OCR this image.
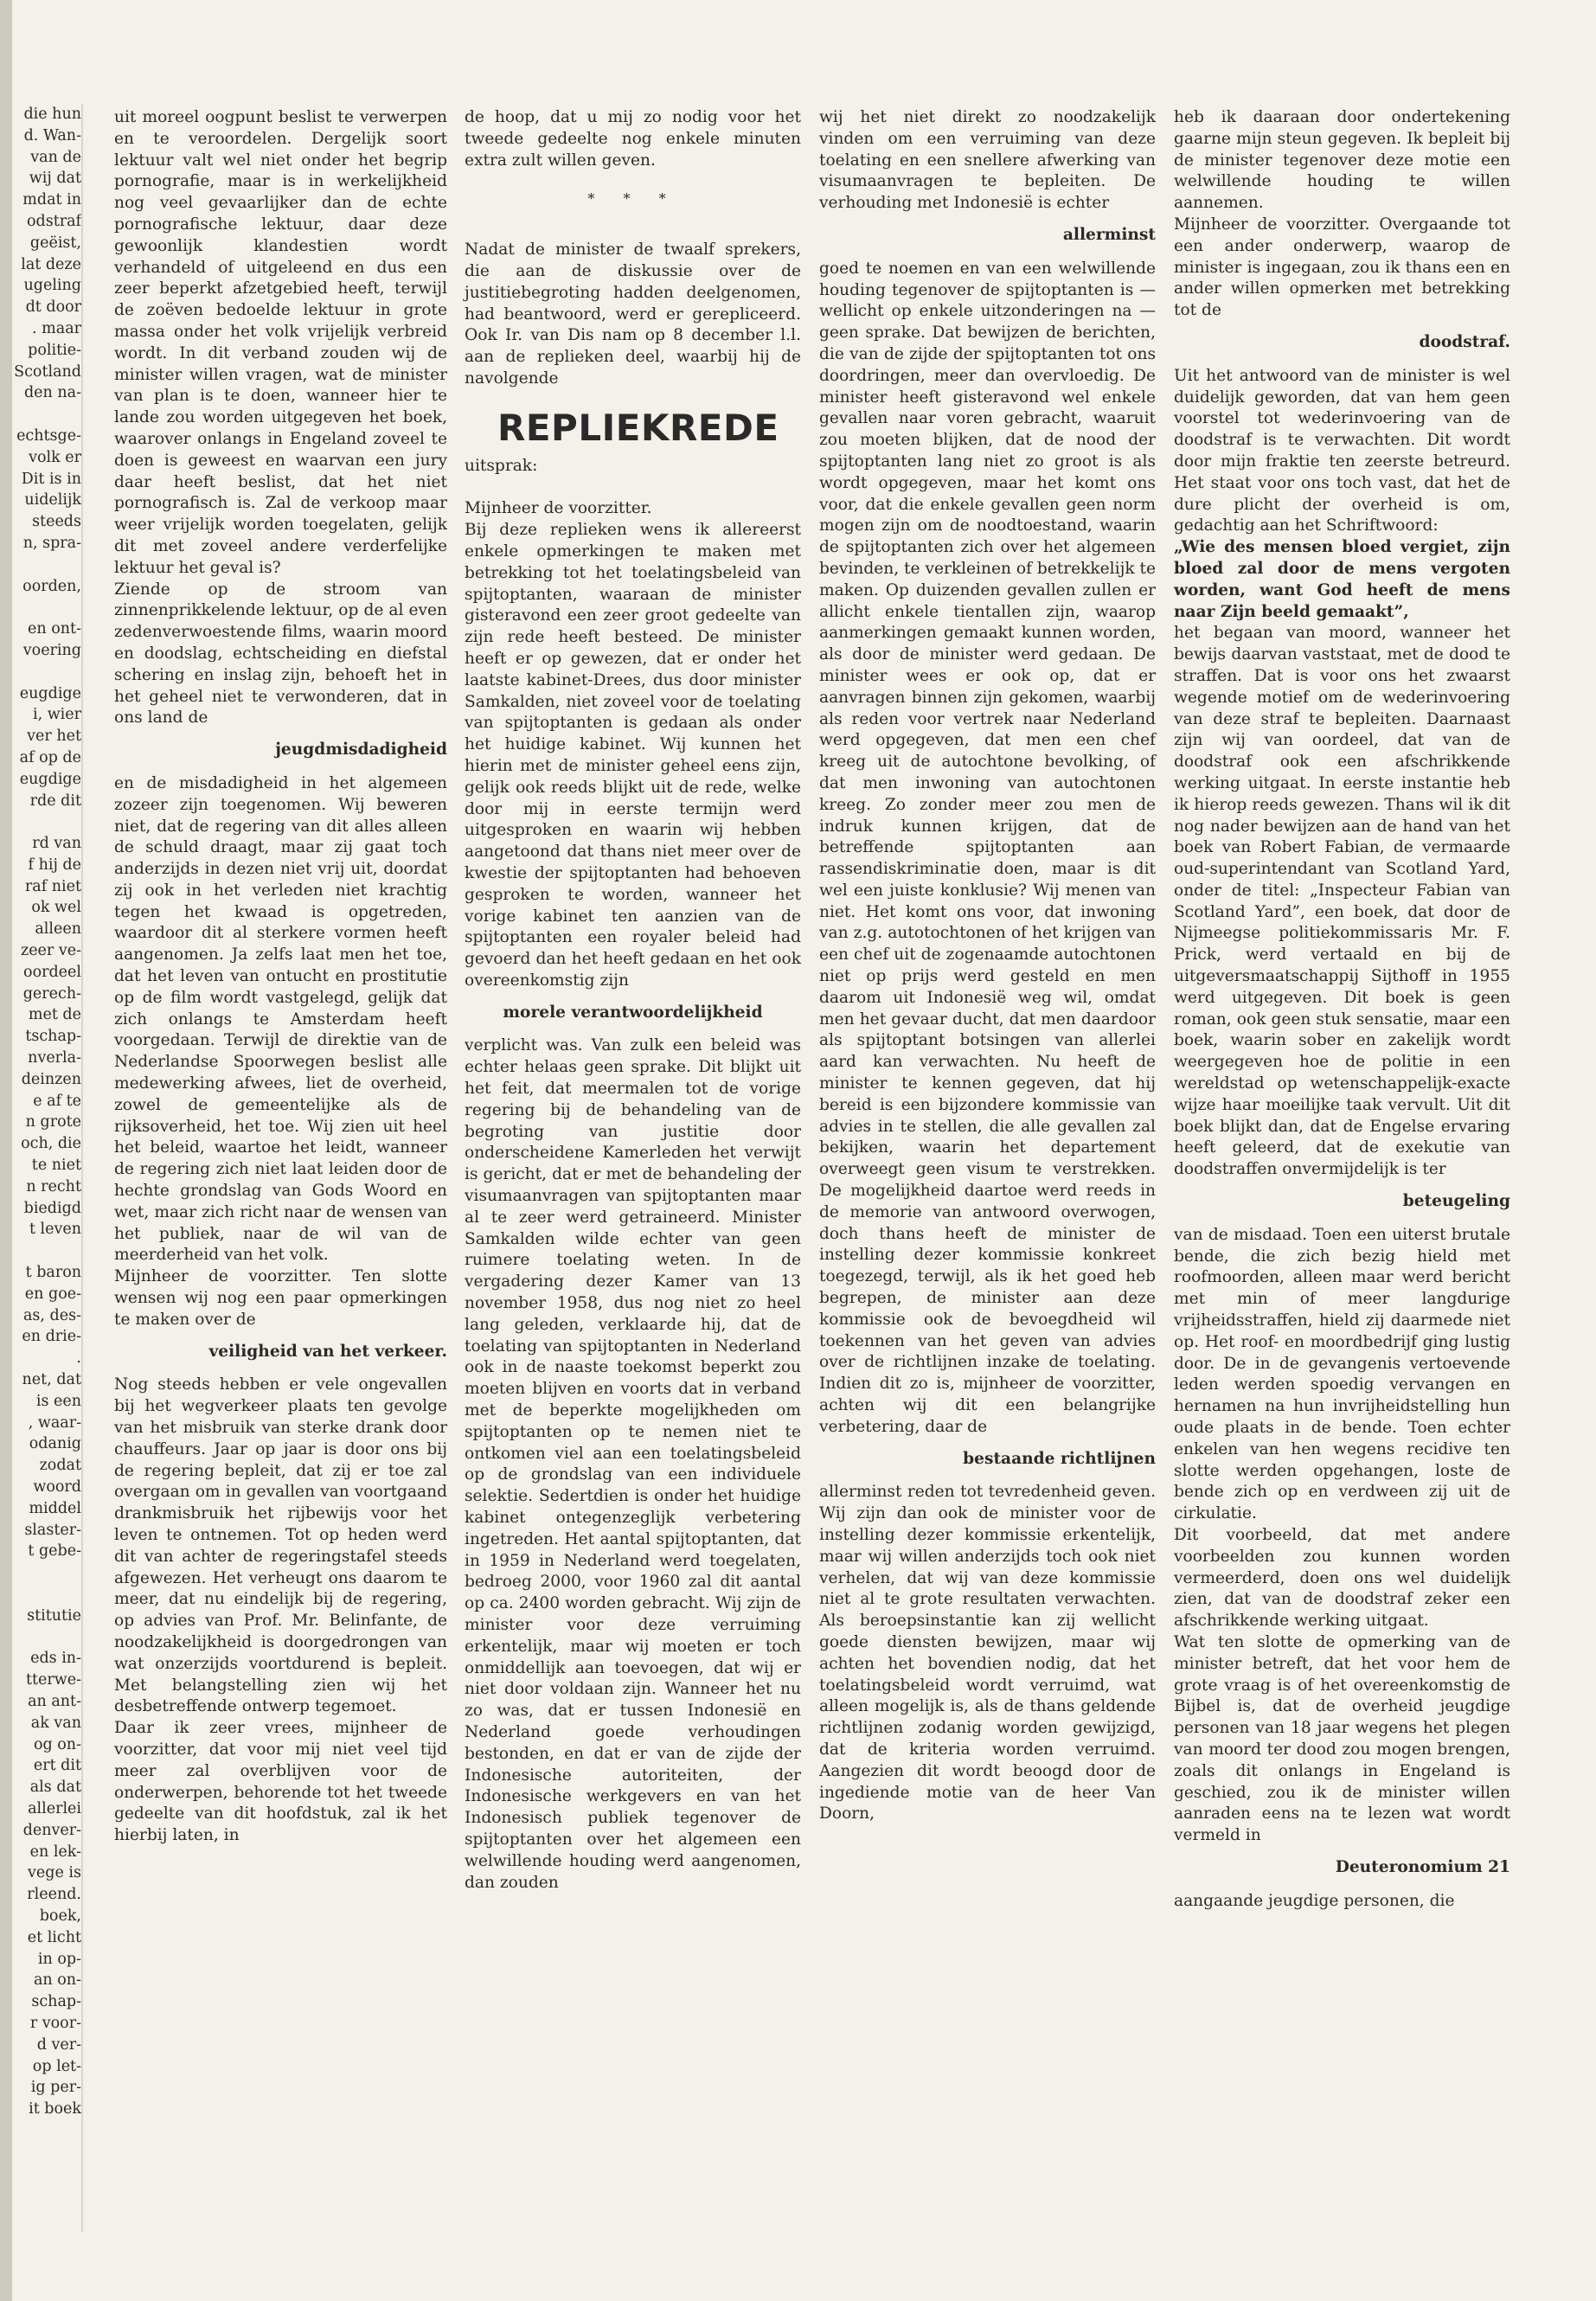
die hun
d. Wan-
van de
wij dat
mdat in
odstraf
geëist,
lat deze
ugeling
dt door
. maar
politie-
Scotland
den na-
echtsge-
volk er
Dit is in
uidelijk
steeds
n, spra-
oorden,
en ont-
voering
eugdige
i, wier
ver het
af op de
eugdige
rde dit
rd van
f hij de
raf niet
ok wel
alleen
zeer ve-
oordeel
gerech-
met de
tschap-
nverla-
deinzen
e af te
n grote
och, die
te niet
n recht
biedigd
t leven
t baron
en goe-
as, des-
en drie-
.
net, dat
is een
, waar-
odanig
zodat
woord
middel
slaster-
t gebe-
stitutie
eds in-
tterwe-
an ant-
ak van
og on-
ert dit
als dat
allerlei
denver-
en lek-
vege is
rleend.
boek,
et licht
in op-
an on-
schap-
r voor-
d ver-
op let-
ig per-
it boek

uit moreel oogpunt beslist te verwerpen en te veroordelen. Dergelijk soort lektuur valt wel niet onder het begrip pornografie, maar is in werkelijkheid nog veel gevaarlijker dan de echte pornografische lektuur, daar deze gewoonlijk klandestien wordt verhandeld of uitgeleend en dus een zeer beperkt afzetgebied heeft, terwijl de zoëven bedoelde lektuur in grote massa onder het volk vrijelijk verbreid wordt. In dit verband zouden wij de minister willen vragen, wat de minister van plan is te doen, wanneer hier te lande zou worden uitgegeven het boek, waarover onlangs in Engeland zoveel te doen is geweest en waarvan een jury daar heeft beslist, dat het niet pornografisch is. Zal de verkoop maar weer vrijelijk worden toegelaten, gelijk dit met zoveel andere verderfelijke lektuur het geval is?

Ziende op de stroom van zinnenprikkelende lektuur, op de al even zedenverwoestende films, waarin moord en doodslag, echtscheiding en diefstal schering en inslag zijn, behoeft het in het geheel niet te verwonderen, dat in ons land de

jeugdmisdadigheid

en de misdadigheid in het algemeen zozeer zijn toegenomen. Wij beweren niet, dat de regering van dit alles alleen de schuld draagt, maar zij gaat toch anderzijds in dezen niet vrij uit, doordat zij ook in het verleden niet krachtig tegen het kwaad is opgetreden, waardoor dit al sterkere vormen heeft aangenomen. Ja zelfs laat men het toe, dat het leven van ontucht en prostitutie op de film wordt vastgelegd, gelijk dat zich onlangs te Amsterdam heeft voorgedaan. Terwijl de direktie van de Nederlandse Spoorwegen beslist alle medewerking afwees, liet de overheid, zowel de gemeentelijke als de rijksoverheid, het toe. Wij zien uit heel het beleid, waartoe het leidt, wanneer de regering zich niet laat leiden door de hechte grondslag van Gods Woord en wet, maar zich richt naar de wensen van het publiek, naar de wil van de meerderheid van het volk.

Mijnheer de voorzitter. Ten slotte wensen wij nog een paar opmerkingen te maken over de

veiligheid van het verkeer.

Nog steeds hebben er vele ongevallen bij het wegverkeer plaats ten gevolge van het misbruik van sterke drank door chauffeurs. Jaar op jaar is door ons bij de regering bepleit, dat zij er toe zal overgaan om in gevallen van voortgaand drankmisbruik het rijbewijs voor het leven te ontnemen. Tot op heden werd dit van achter de regeringstafel steeds afgewezen. Het verheugt ons daarom te meer, dat nu eindelijk bij de regering, op advies van Prof. Mr. Belinfante, de noodzakelijkheid is doorgedrongen van wat onzerzijds voortdurend is bepleit. Met belangstelling zien wij het desbetreffende ontwerp tegemoet.

Daar ik zeer vrees, mijnheer de voorzitter, dat voor mij niet veel tijd meer zal overblijven voor de onderwerpen, behorende tot het tweede gedeelte van dit hoofdstuk, zal ik het hierbij laten, in

de hoop, dat u mij zo nodig voor het tweede gedeelte nog enkele minuten extra zult willen geven.

* * *

Nadat de minister de twaalf sprekers, die aan de diskussie over de justitiebegroting hadden deelgenomen, had beantwoord, werd er gerepliceerd. Ook Ir. van Dis nam op 8 december l.l. aan de replieken deel, waarbij hij de navolgende

REPLIEKREDE

uitsprak:

Mijnheer de voorzitter.

Bij deze replieken wens ik allereerst enkele opmerkingen te maken met betrekking tot het toelatingsbeleid van spijtoptanten, waaraan de minister gisteravond een zeer groot gedeelte van zijn rede heeft besteed. De minister heeft er op gewezen, dat er onder het laatste kabinet-Drees, dus door minister Samkalden, niet zoveel voor de toelating van spijtoptanten is gedaan als onder het huidige kabinet. Wij kunnen het hierin met de minister geheel eens zijn, gelijk ook reeds blijkt uit de rede, welke door mij in eerste termijn werd uitgesproken en waarin wij hebben aangetoond dat thans niet meer over de kwestie der spijtoptanten had behoeven gesproken te worden, wanneer het vorige kabinet ten aanzien van de spijtoptanten een royaler beleid had gevoerd dan het heeft gedaan en het ook overeenkomstig zijn

morele verantwoordelijkheid

verplicht was. Van zulk een beleid was echter helaas geen sprake. Dit blijkt uit het feit, dat meermalen tot de vorige regering bij de behandeling van de begroting van justitie door onderscheidene Kamerleden het verwijt is gericht, dat er met de behandeling der visumaanvragen van spijtoptanten maar al te zeer werd getraineerd. Minister Samkalden wilde echter van geen ruimere toelating weten. In de vergadering dezer Kamer van 13 november 1958, dus nog niet zo heel lang geleden, verklaarde hij, dat de toelating van spijtoptanten in Nederland ook in de naaste toekomst beperkt zou moeten blijven en voorts dat in verband met de beperkte mogelijkheden om spijtoptanten op te nemen niet te ontkomen viel aan een toelatingsbeleid op de grondslag van een individuele selektie. Sedertdien is onder het huidige kabinet ontegenzeglijk verbetering ingetreden. Het aantal spijtoptanten, dat in 1959 in Nederland werd toegelaten, bedroeg 2000, voor 1960 zal dit aantal op ca. 2400 worden gebracht. Wij zijn de minister voor deze verruiming erkentelijk, maar wij moeten er toch onmiddellijk aan toevoegen, dat wij er niet door voldaan zijn. Wanneer het nu zo was, dat er tussen Indonesië en Nederland goede verhoudingen bestonden, en dat er van de zijde der Indonesische autoriteiten, der Indonesische werkgevers en van het Indonesisch publiek tegenover de spijtoptanten over het algemeen een welwillende houding werd aangenomen, dan zouden

wij het niet direkt zo noodzakelijk vinden om een verruiming van deze toelating en een snellere afwerking van visumaanvragen te bepleiten. De verhouding met Indonesië is echter

allerminst

goed te noemen en van een welwillende houding tegenover de spijtoptanten is — wellicht op enkele uitzonderingen na — geen sprake. Dat bewijzen de berichten, die van de zijde der spijtoptanten tot ons doordringen, meer dan overvloedig. De minister heeft gisteravond wel enkele gevallen naar voren gebracht, waaruit zou moeten blijken, dat de nood der spijtoptanten lang niet zo groot is als wordt opgegeven, maar het komt ons voor, dat die enkele gevallen geen norm mogen zijn om de noodtoestand, waarin de spijtoptanten zich over het algemeen bevinden, te verkleinen of betrekkelijk te maken. Op duizenden gevallen zullen er allicht enkele tientallen zijn, waarop aanmerkingen gemaakt kunnen worden, als door de minister werd gedaan. De minister wees er ook op, dat er aanvragen binnen zijn gekomen, waarbij als reden voor vertrek naar Nederland werd opgegeven, dat men een chef kreeg uit de autochtone bevolking, of dat men inwoning van autochtonen kreeg. Zo zonder meer zou men de indruk kunnen krijgen, dat de betreffende spijtoptanten aan rassendiskriminatie doen, maar is dit wel een juiste konklusie? Wij menen van niet. Het komt ons voor, dat inwoning van z.g. autotochtonen of het krijgen van een chef uit de zogenaamde autochtonen niet op prijs werd gesteld en men daarom uit Indonesië weg wil, omdat men het gevaar ducht, dat men daardoor als spijtoptant botsingen van allerlei aard kan verwachten. Nu heeft de minister te kennen gegeven, dat hij bereid is een bijzondere kommissie van advies in te stellen, die alle gevallen zal bekijken, waarin het departement overweegt geen visum te verstrekken. De mogelijkheid daartoe werd reeds in de memorie van antwoord overwogen, doch thans heeft de minister de instelling dezer kommissie konkreet toegezegd, terwijl, als ik het goed heb begrepen, de minister aan deze kommissie ook de bevoegdheid wil toekennen van het geven van advies over de richtlijnen inzake de toelating. Indien dit zo is, mijnheer de voorzitter, achten wij dit een belangrijke verbetering, daar de

bestaande richtlijnen

allerminst reden tot tevredenheid geven. Wij zijn dan ook de minister voor de instelling dezer kommissie erkentelijk, maar wij willen anderzijds toch ook niet verhelen, dat wij van deze kommissie niet al te grote resultaten verwachten. Als beroepsinstantie kan zij wellicht goede diensten bewijzen, maar wij achten het bovendien nodig, dat het toelatingsbeleid wordt verruimd, wat alleen mogelijk is, als de thans geldende richtlijnen zodanig worden gewijzigd, dat de kriteria worden verruimd. Aangezien dit wordt beoogd door de ingediende motie van de heer Van Doorn,

heb ik daaraan door ondertekening gaarne mijn steun gegeven. Ik bepleit bij de minister tegenover deze motie een welwillende houding te willen aannemen.

Mijnheer de voorzitter. Overgaande tot een ander onderwerp, waarop de minister is ingegaan, zou ik thans een en ander willen opmerken met betrekking tot de

doodstraf.

Uit het antwoord van de minister is wel duidelijk geworden, dat van hem geen voorstel tot wederinvoering van de doodstraf is te verwachten. Dit wordt door mijn fraktie ten zeerste betreurd. Het staat voor ons toch vast, dat het de dure plicht der overheid is om, gedachtig aan het Schriftwoord:

„Wie des mensen bloed vergiet, zijn bloed zal door de mens vergoten worden, want God heeft de mens naar Zijn beeld gemaakt”,

het begaan van moord, wanneer het bewijs daarvan vaststaat, met de dood te straffen. Dat is voor ons het zwaarst wegende motief om de wederinvoering van deze straf te bepleiten. Daarnaast zijn wij van oordeel, dat van de doodstraf ook een afschrikkende werking uitgaat. In eerste instantie heb ik hierop reeds gewezen. Thans wil ik dit nog nader bewijzen aan de hand van het boek van Robert Fabian, de vermaarde oud-superintendant van Scotland Yard, onder de titel: „Inspecteur Fabian van Scotland Yard”, een boek, dat door de Nijmeegse politiekommissaris Mr. F. Prick, werd vertaald en bij de uitgeversmaatschappij Sijthoff in 1955 werd uitgegeven. Dit boek is geen roman, ook geen stuk sensatie, maar een boek, waarin sober en zakelijk wordt weergegeven hoe de politie in een wereldstad op wetenschappelijk-exacte wijze haar moeilijke taak vervult. Uit dit boek blijkt dan, dat de Engelse ervaring heeft geleerd, dat de exekutie van doodstraffen onvermijdelijk is ter

beteugeling

van de misdaad. Toen een uiterst brutale bende, die zich bezig hield met roofmoorden, alleen maar werd bericht met min of meer langdurige vrijheidsstraffen, hield zij daarmede niet op. Het roof- en moordbedrijf ging lustig door. De in de gevangenis vertoevende leden werden spoedig vervangen en hernamen na hun invrijheidstelling hun oude plaats in de bende. Toen echter enkelen van hen wegens recidive ten slotte werden opgehangen, loste de bende zich op en verdween zij uit de cirkulatie.

Dit voorbeeld, dat met andere voorbeelden zou kunnen worden vermeerderd, doen ons wel duidelijk zien, dat van de doodstraf zeker een afschrikkende werking uitgaat.

Wat ten slotte de opmerking van de minister betreft, dat het voor hem de grote vraag is of het overeenkomstig de Bijbel is, dat de overheid jeugdige personen van 18 jaar wegens het plegen van moord ter dood zou mogen brengen, zoals dit onlangs in Engeland is geschied, zou ik de minister willen aanraden eens na te lezen wat wordt vermeld in

Deuteronomium 21

aangaande jeugdige personen, die
